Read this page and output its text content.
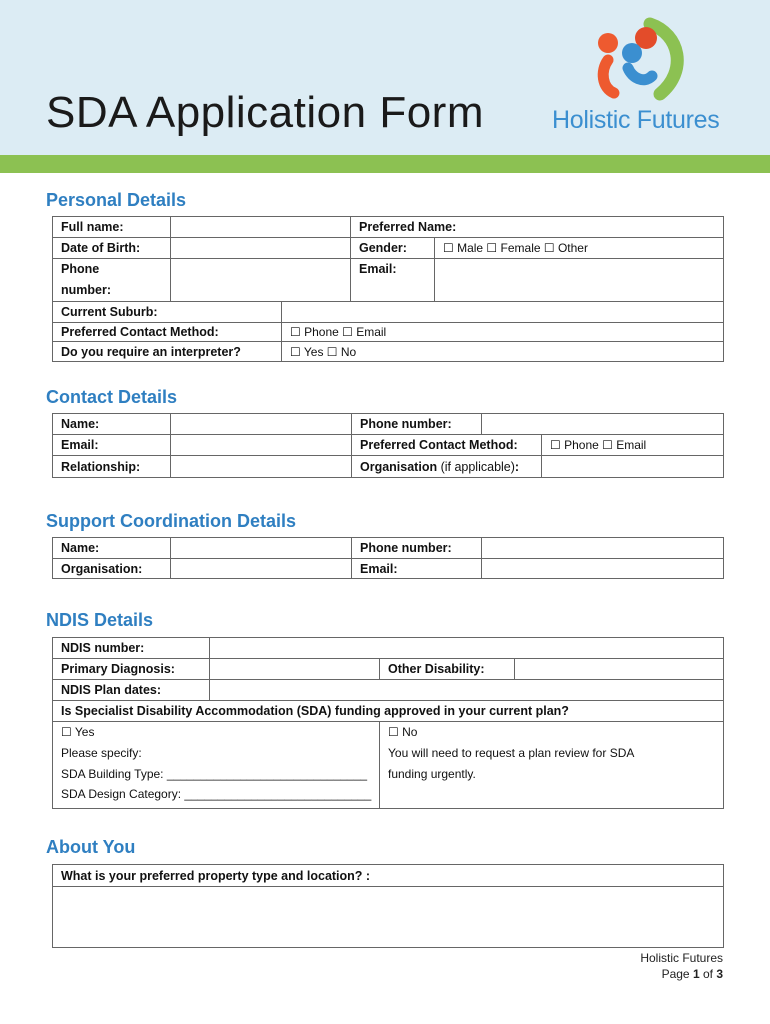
SDA Application Form	Holistic Futures
Personal Details
Full name:			Preferred Name:	
Date of Birth:			Gender:	☐ Male ☐ Female ☐ Other
Phone
number:			Email:	
Current Suburb:				
Preferred Contact Method:		☐ Phone ☐ Email		
Do you require an interpreter?		☐ Yes ☐ No		
Contact Details
Name:		Phone number:		
Email:		Preferred Contact Method:		☐ Phone ☐ Email
Relationship:		Organisation (if applicable):		
Support Coordination Details
Name:		Phone number:	
Organisation:		Email:	
NDIS Details
NDIS number:			
Primary Diagnosis:		Other Disability:	
NDIS Plan dates:			
Is Specialist Disability Accommodation (SDA) funding approved in your current plan?			
☐ Yes		☐ No	
Please specify:		You will need to request a plan review for SDA	
SDA Building Type: ______________________________		funding urgently.	
SDA Design Category: ____________________________			
About You
What is your preferred property type and location? :

Holistic Futures
Page 1 of 3
